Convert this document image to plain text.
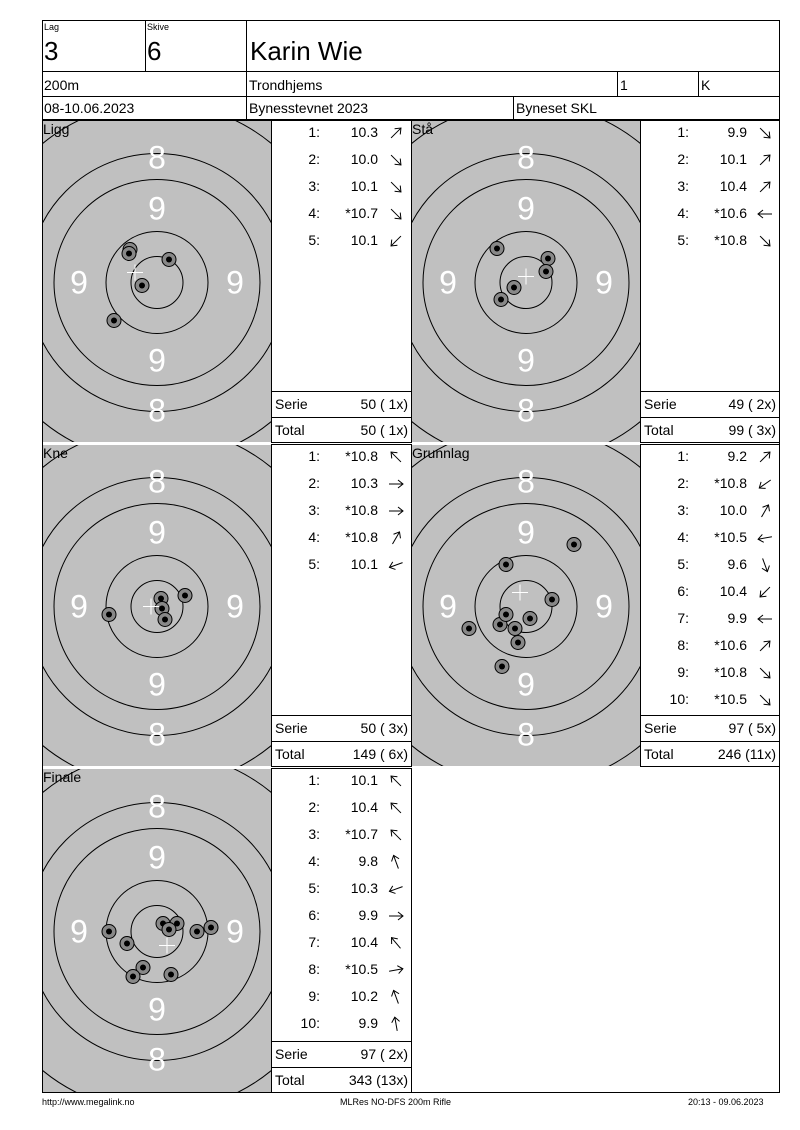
Lag
3
Skive
6	Karin Wie
200m	Trondhjems	1	K
08-10.06.2023	Bynesstevnet 2023	Byneset SKL
8
9
9	9
9
8
Ligg	1:	10.3
2:	10.0
3:	10.1
4:	*10.7
5:	10.1
Serie	50 ( 1x)
Total	50 ( 1x)
8
9
9	9
9
8
Stå	1:	9.9
2:	10.1
3:	10.4
4:	*10.6
5:	*10.8
Serie	49 ( 2x)
Total	99 ( 3x)
8
9
9	9
9
8
Kne	1:	*10.8
2:	10.3
3:	*10.8
4:	*10.8
5:	10.1
Serie	50 ( 3x)
Total	149 ( 6x)
8
9
9	9
9
8
Grunnlag	1:	9.2
2:	*10.8
3:	10.0
4:	*10.5
5:	9.6
6:	10.4
7:	9.9
8:	*10.6
9:	*10.8
10:	*10.5
Serie	97 ( 5x)
Total	246 (11x)
8
9
9	9
9
8
Finale	1:	10.1
2:	10.4
3:	*10.7
4:	9.8
5:	10.3
6:	9.9
7:	10.4
8:	*10.5
9:	10.2
10:	9.9
Serie	97 ( 2x)
Total	343 (13x)
http://www.megalink.no	MLRes NO-DFS 200m Rifle	20:13 - 09.06.2023
